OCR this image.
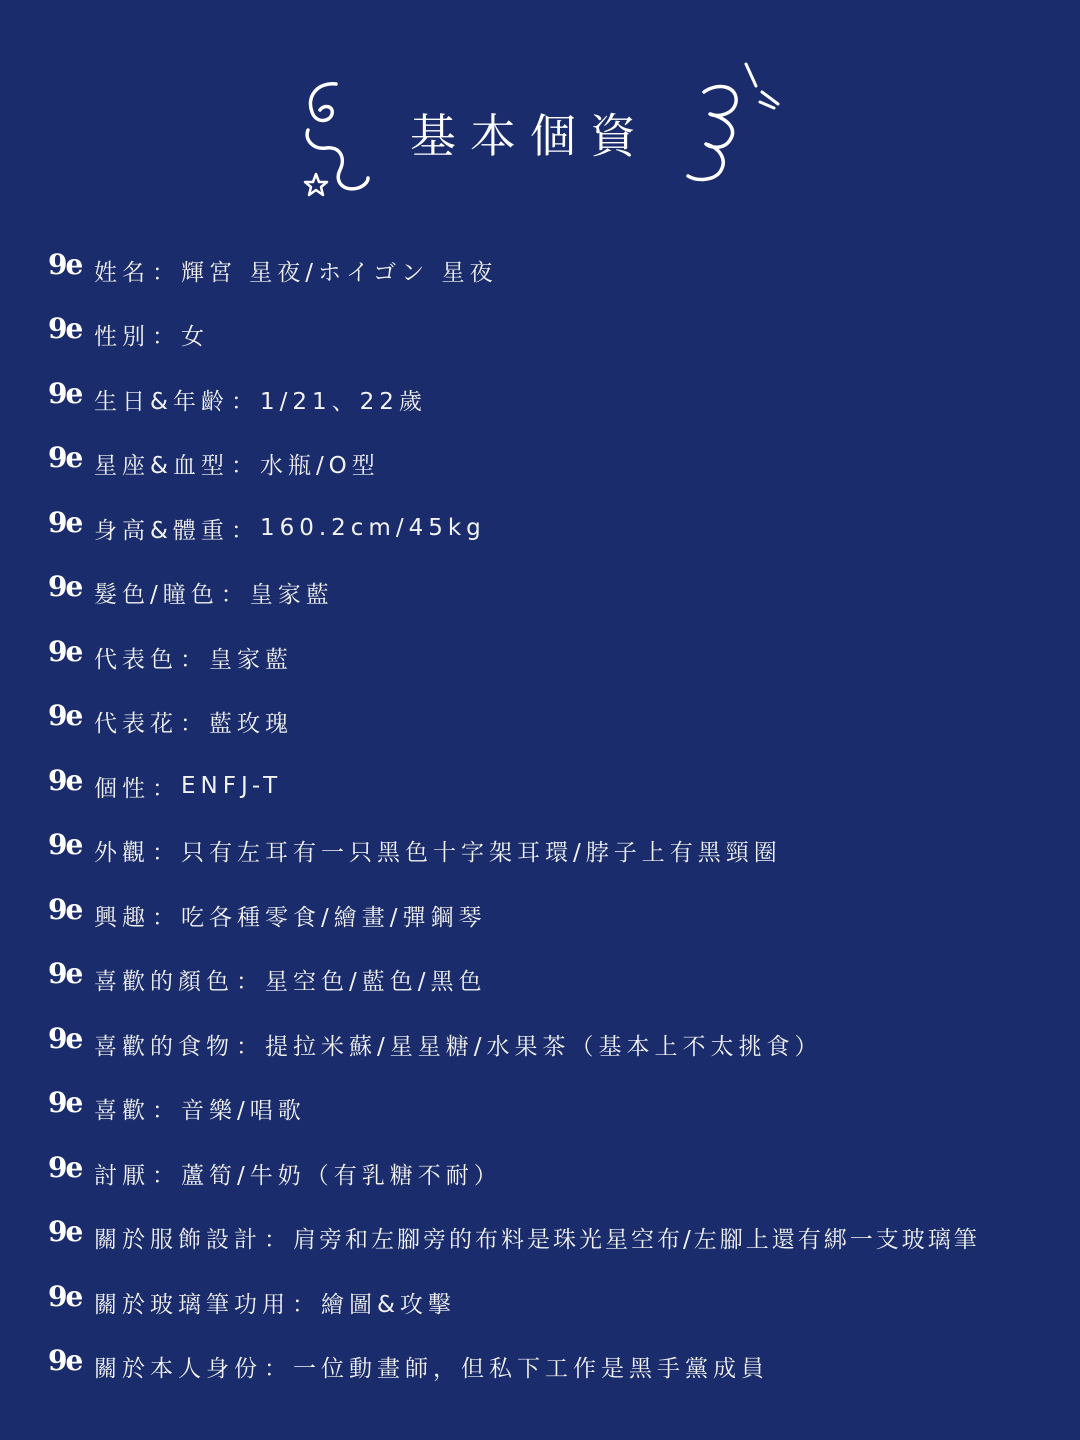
基本個資
9e 姓名 ： 輝宮 星夜/ホイゴン 星夜
9e 性別 ： 女
9e 生日&年齡 ： 1/21、22歲
9e 星座&血型 ： 水瓶/O型
9e 身高&體重 ： 160.2cm/45kg
9e 髮色/瞳色 ： 皇家藍
9e 代表色 ： 皇家藍
9e 代表花 ： 藍玫瑰
9e 個性 ： ENFJ-T
9e 外觀 ： 只有左耳有一只黑色十字架耳環/脖子上有黑頸圈
9e 興趣 ： 吃各種零食/繪畫/彈鋼琴
9e 喜歡的顏色 ： 星空色/藍色/黑色
9e 喜歡的食物 ： 提拉米蘇/星星糖/水果茶（基本上不太挑食）
9e 喜歡 ： 音樂/唱歌
9e 討厭 ： 蘆筍/牛奶（有乳糖不耐）
9e 關於服飾設計 ： 肩旁和左腳旁的布料是珠光星空布/左腳上還有綁一支玻璃筆
9e 關於玻璃筆功用 ： 繪圖&攻擊
9e 關於本人身份 ： 一位動畫師，但私下工作是黑手黨成員
